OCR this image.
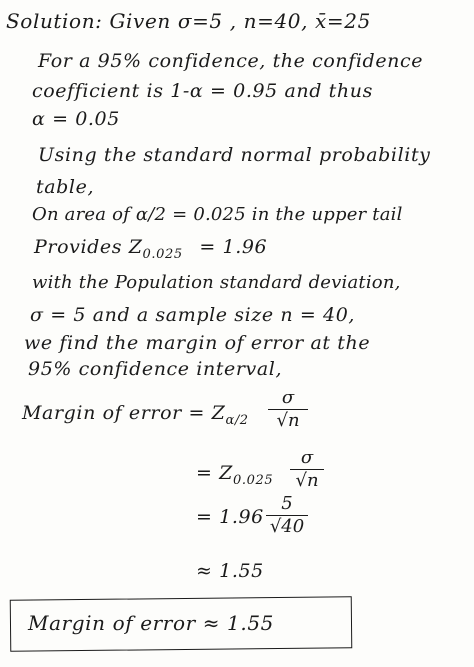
Solution: Given σ=5 , n=40, x̄=25
For a 95% confidence, the confidence
coefficient is 1-α = 0.95 and thus
α = 0.05
Using the standard normal probability
table,
On area of α/2 = 0.025 in the upper tail
Provides $Z_{0.025} = 1.96$
with the Population standard deviation,
σ = 5 and a sample size n = 40,
we find the margin of error at the
95% confidence interval,
Margin of error = $Z_{\alpha/2}$
σ
√n
= $Z_{0.025}$
σ
√n
= 1.96
5
√40
≈ 1.55
Margin of error ≈ 1.55
